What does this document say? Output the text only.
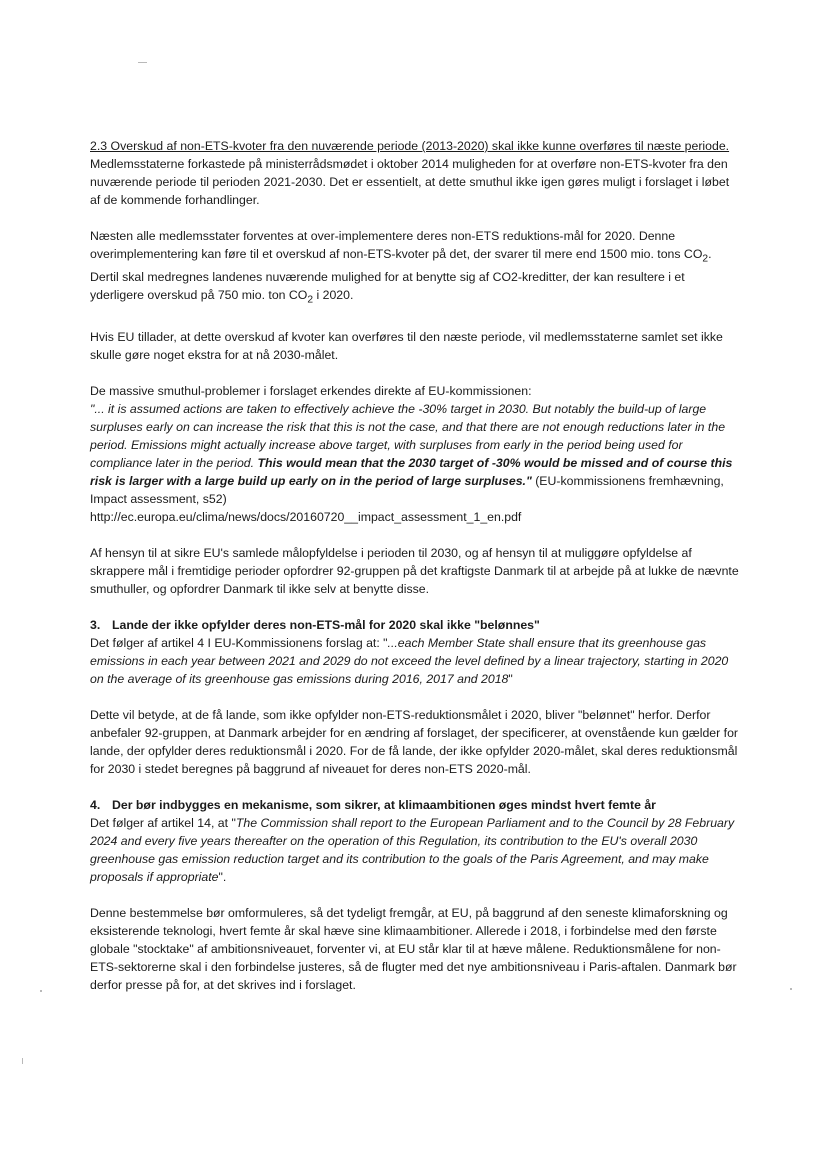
2.3 Overskud af non-ETS-kvoter fra den nuværende periode (2013-2020) skal ikke kunne overføres til næste periode.

Medlemsstaterne forkastede på ministerrådsmødet i oktober 2014 muligheden for at overføre non-ETS-kvoter fra den nuværende periode til perioden 2021-2030. Det er essentielt, at dette smuthul ikke igen gøres muligt i forslaget i løbet af de kommende forhandlinger.

Næsten alle medlemsstater forventes at over-implementere deres non-ETS reduktions-mål for 2020. Denne overimplementering kan føre til et overskud af non-ETS-kvoter på det, der svarer til mere end 1500 mio. tons $CO_2$. Dertil skal medregnes landenes nuværende mulighed for at benytte sig af CO2-kreditter, der kan resultere i et yderligere overskud på 750 mio. ton $CO_2$ i 2020.

Hvis EU tillader, at dette overskud af kvoter kan overføres til den næste periode, vil medlemsstaterne samlet set ikke skulle gøre noget ekstra for at nå 2030-målet.

De massive smuthul-problemer i forslaget erkendes direkte af EU-kommissionen:

"... it is assumed actions are taken to effectively achieve the -30% target in 2030. But notably the build-up of large surpluses early on can increase the risk that this is not the case, and that there are not enough reductions later in the period. Emissions might actually increase above target, with surpluses from early in the period being used for compliance later in the period. This would mean that the 2030 target of -30% would be missed and of course this risk is larger with a large build up early on in the period of large surpluses." (EU-kommissionens fremhævning, Impact assessment, s52)

http://ec.europa.eu/clima/news/docs/20160720__impact_assessment_1_en.pdf

Af hensyn til at sikre EU's samlede målopfyldelse i perioden til 2030, og af hensyn til at muliggøre opfyldelse af skrappere mål i fremtidige perioder opfordrer 92-gruppen på det kraftigste Danmark til at arbejde på at lukke de nævnte smuthuller, og opfordrer Danmark til ikke selv at benytte disse.

3. Lande der ikke opfylder deres non-ETS-mål for 2020 skal ikke "belønnes"

Det følger af artikel 4 I EU-Kommissionens forslag at: "...each Member State shall ensure that its greenhouse gas emissions in each year between 2021 and 2029 do not exceed the level defined by a linear trajectory, starting in 2020 on the average of its greenhouse gas emissions during 2016, 2017 and 2018"

Dette vil betyde, at de få lande, som ikke opfylder non-ETS-reduktionsmålet i 2020, bliver "belønnet" herfor. Derfor anbefaler 92-gruppen, at Danmark arbejder for en ændring af forslaget, der specificerer, at ovenstående kun gælder for lande, der opfylder deres reduktionsmål i 2020. For de få lande, der ikke opfylder 2020-målet, skal deres reduktionsmål for 2030 i stedet beregnes på baggrund af niveauet for deres non-ETS 2020-mål.

4. Der bør indbygges en mekanisme, som sikrer, at klimaambitionen øges mindst hvert femte år

Det følger af artikel 14, at "The Commission shall report to the European Parliament and to the Council by 28 February 2024 and every five years thereafter on the operation of this Regulation, its contribution to the EU's overall 2030 greenhouse gas emission reduction target and its contribution to the goals of the Paris Agreement, and may make proposals if appropriate".

Denne bestemmelse bør omformuleres, så det tydeligt fremgår, at EU, på baggrund af den seneste klimaforskning og eksisterende teknologi, hvert femte år skal hæve sine klimaambitioner. Allerede i 2018, i forbindelse med den første globale "stocktake" af ambitionsniveauet, forventer vi, at EU står klar til at hæve målene. Reduktionsmålene for non-ETS-sektorerne skal i den forbindelse justeres, så de flugter med det nye ambitionsniveau i Paris-aftalen. Danmark bør derfor presse på for, at det skrives ind i forslaget.
